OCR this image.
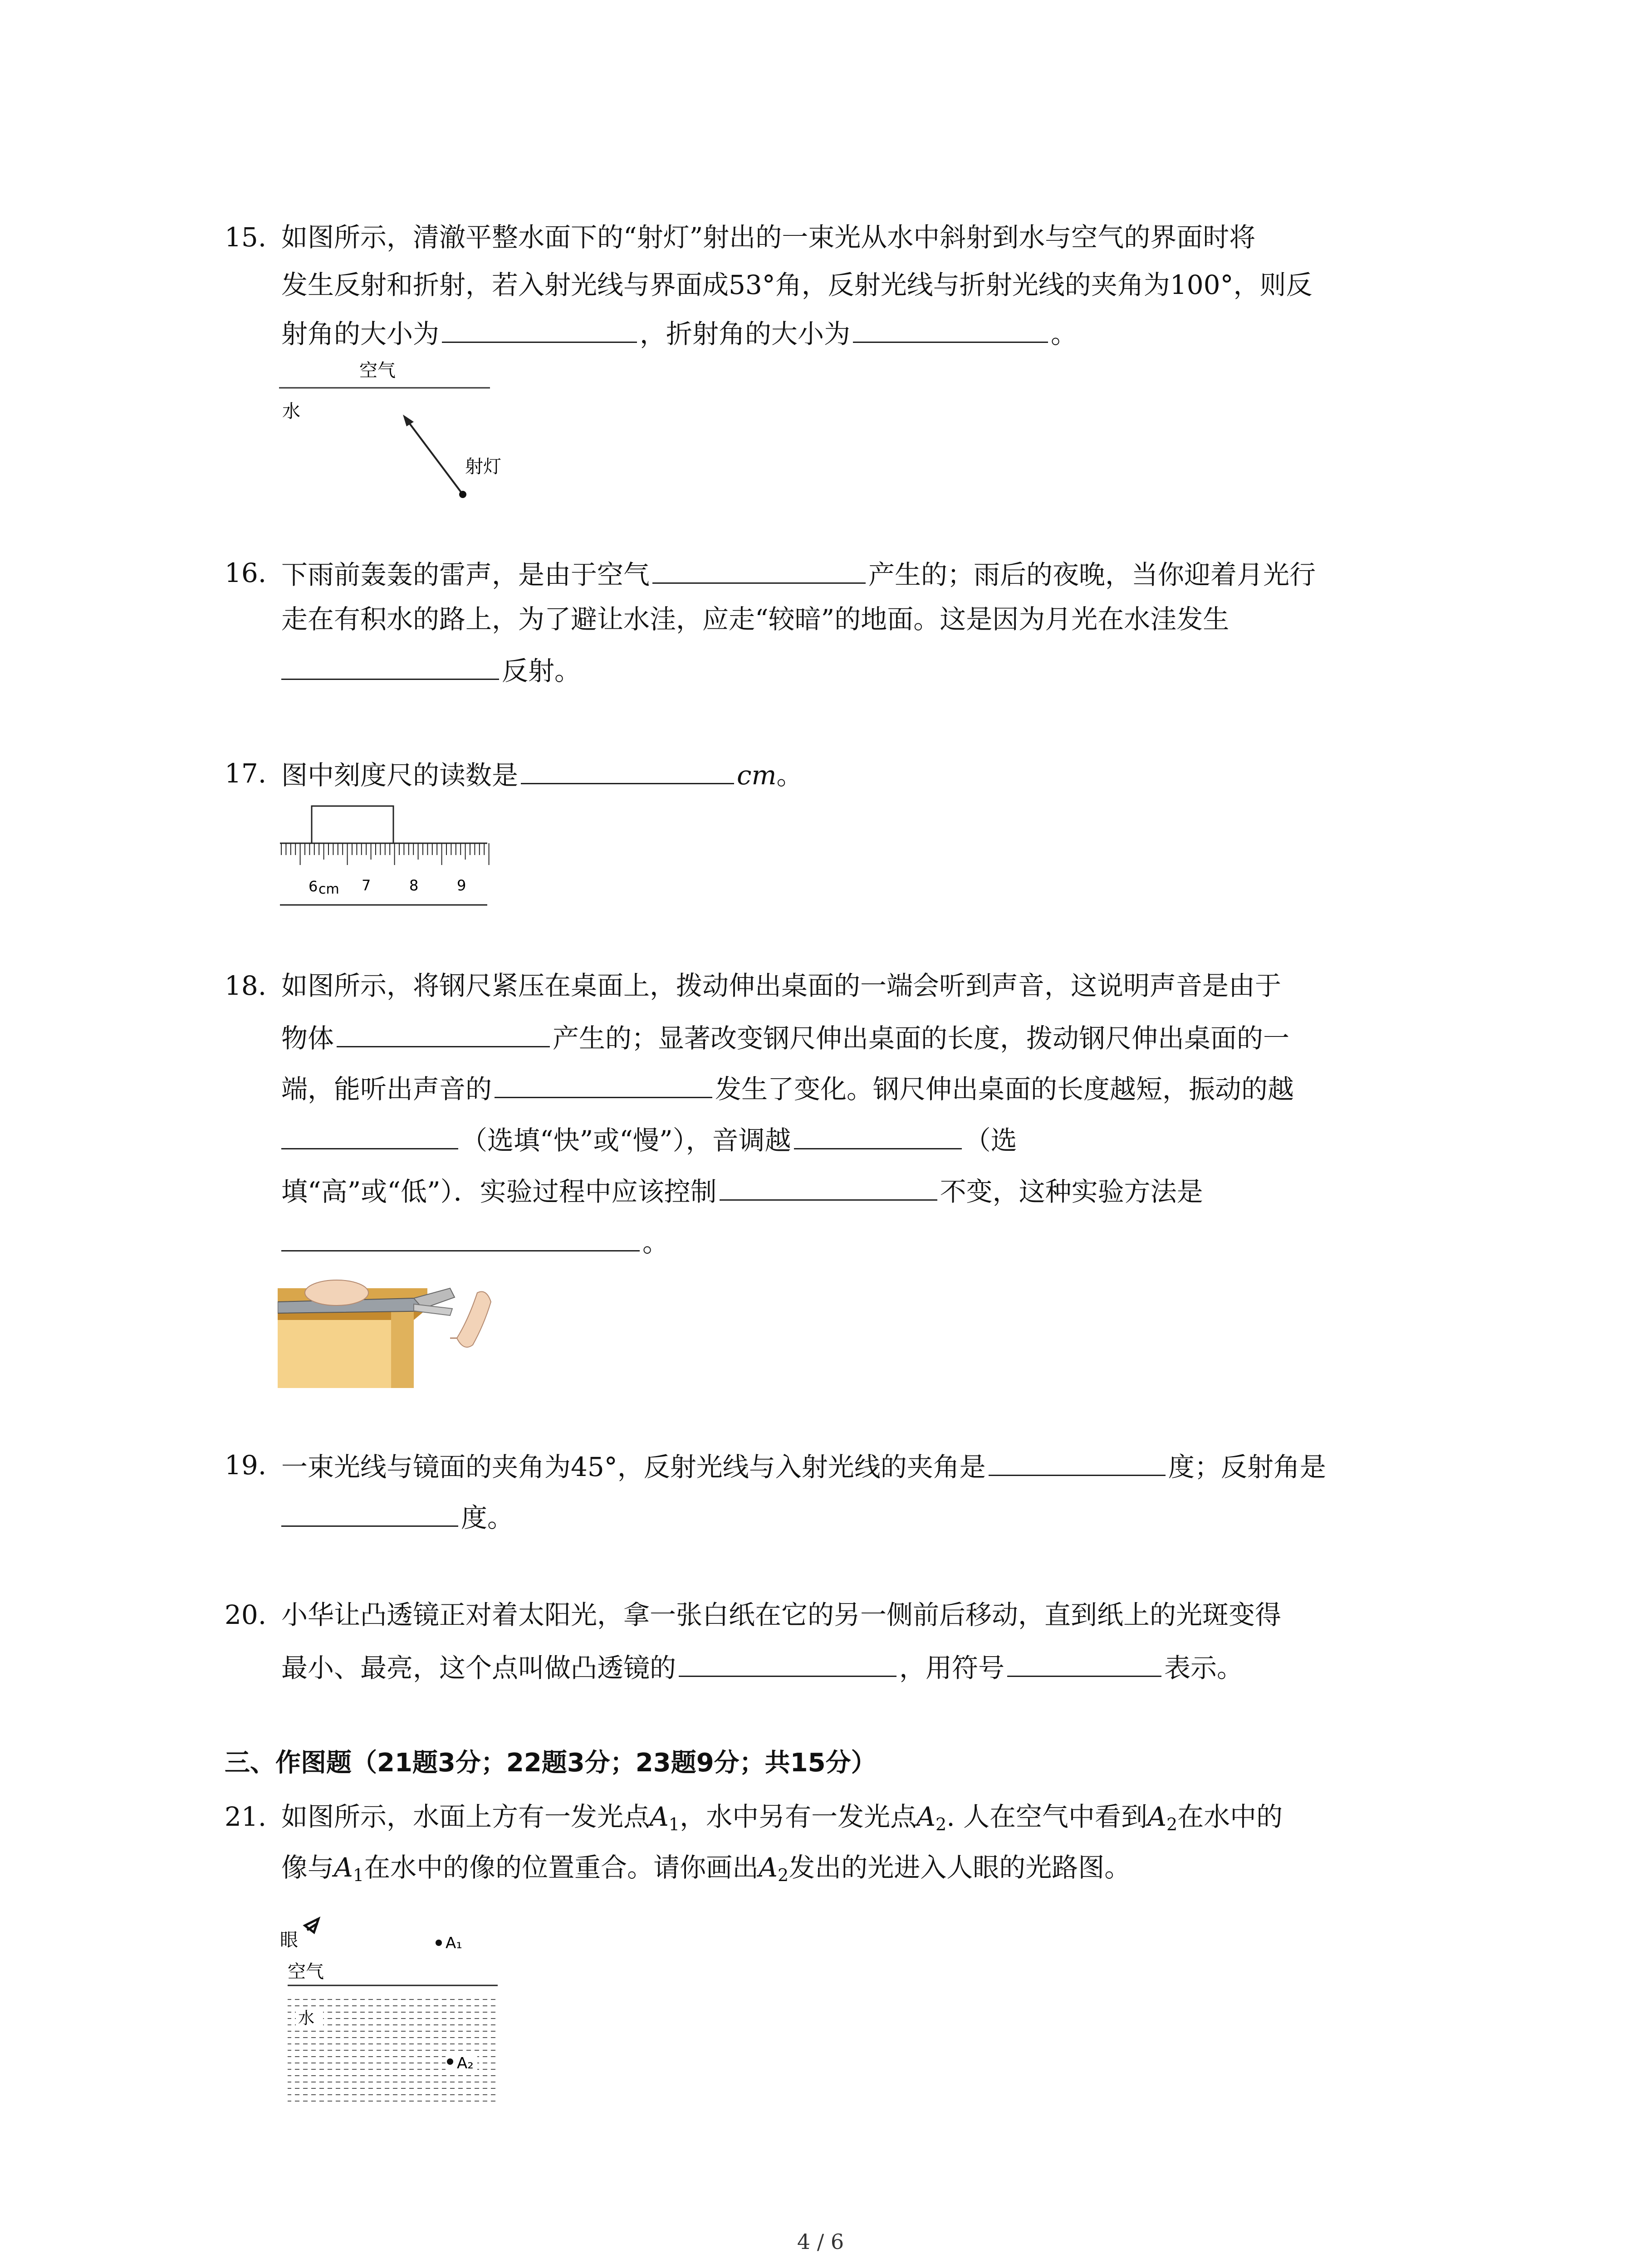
15. 如图所示，清澈平整水面下的“射灯”射出的一束光从水中斜射到水与空气的界面时将
发生反射和折射，若入射光线与界面成53°角，反射光线与折射光线的夹角为100°，则反
射角的大小为	，折射角的大小为	。
空气
水
射灯
16. 下雨前轰轰的雷声，是由于空气	产生的；雨后的夜晚，当你迎着月光行
走在有积水的路上，为了避让水洼，应走“较暗”的地面。这是因为月光在水洼发生
反射。
17. 图中刻度尺的读数是	cm。
6 cm 7	8	9
18. 如图所示，将钢尺紧压在桌面上，拨动伸出桌面的一端会听到声音，这说明声音是由于
物体	产生的；显著改变钢尺伸出桌面的长度，拨动钢尺伸出桌面的一
端，能听出声音的	发生了变化。钢尺伸出桌面的长度越短，振动的越
（选填“快”或“慢”），音调越	（选
填“高”或“低”）．实验过程中应该控制	不变，这种实验方法是
。
19. 一束光线与镜面的夹角为45°，反射光线与入射光线的夹角是	度；反射角是
度。
20. 小华让凸透镜正对着太阳光，拿一张白纸在它的另一侧前后移动，直到纸上的光斑变得
最小、最亮，这个点叫做凸透镜的	，用符号	表示。
三、作图题（21题3分；22题3分；23题9分；共15分）
21. 如图所示，水面上方有一发光点$A_1$，水中另有一发光点$A_2$. 人在空气中看到$A_2$在水中的
像与$A_1$在水中的像的位置重合。请你画出$A_2$发出的光进入人眼的光路图。
眼	A₁
空气
水
A₂
4 / 6
